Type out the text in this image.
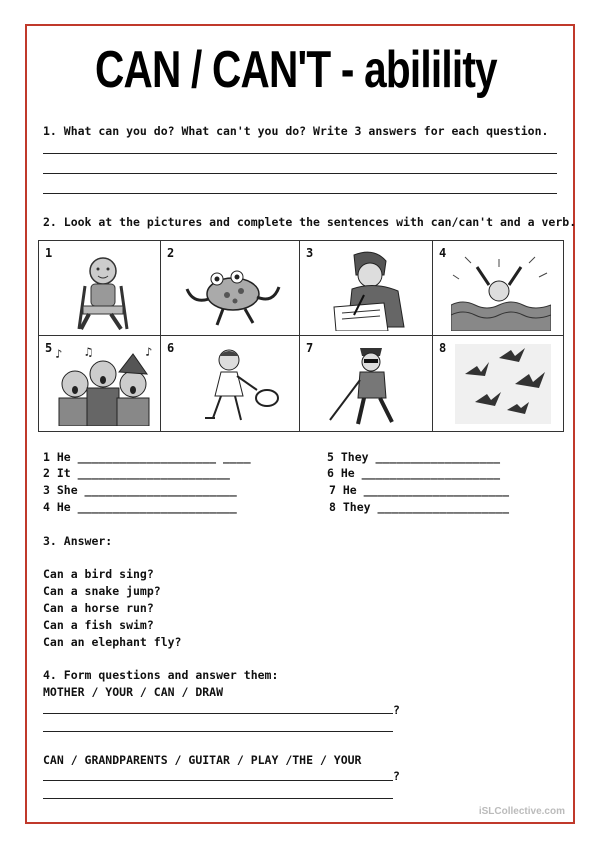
CAN / CAN'T - abilility
1. What can you do? What can't you do? Write 3 answers for each question.
2. Look at the pictures and complete the sentences with can/can't and a verb.
1	2	3	4
5 ♪ ♫	♪ 6	7	8
1 He ____________________ ____
2 It ______________________
3 She ______________________
4 He _______________________
5 They __________________
6 He ____________________
7 He _____________________
8 They ___________________
3. Answer:
Can a bird sing?
Can a snake jump?
Can a horse run?
Can a fish swim?
Can an elephant fly?
4. Form questions and answer them:
MOTHER / YOUR / CAN / DRAW
?
CAN / GRANDPARENTS / GUITAR / PLAY /THE / YOUR
?
iSLCollective.com
